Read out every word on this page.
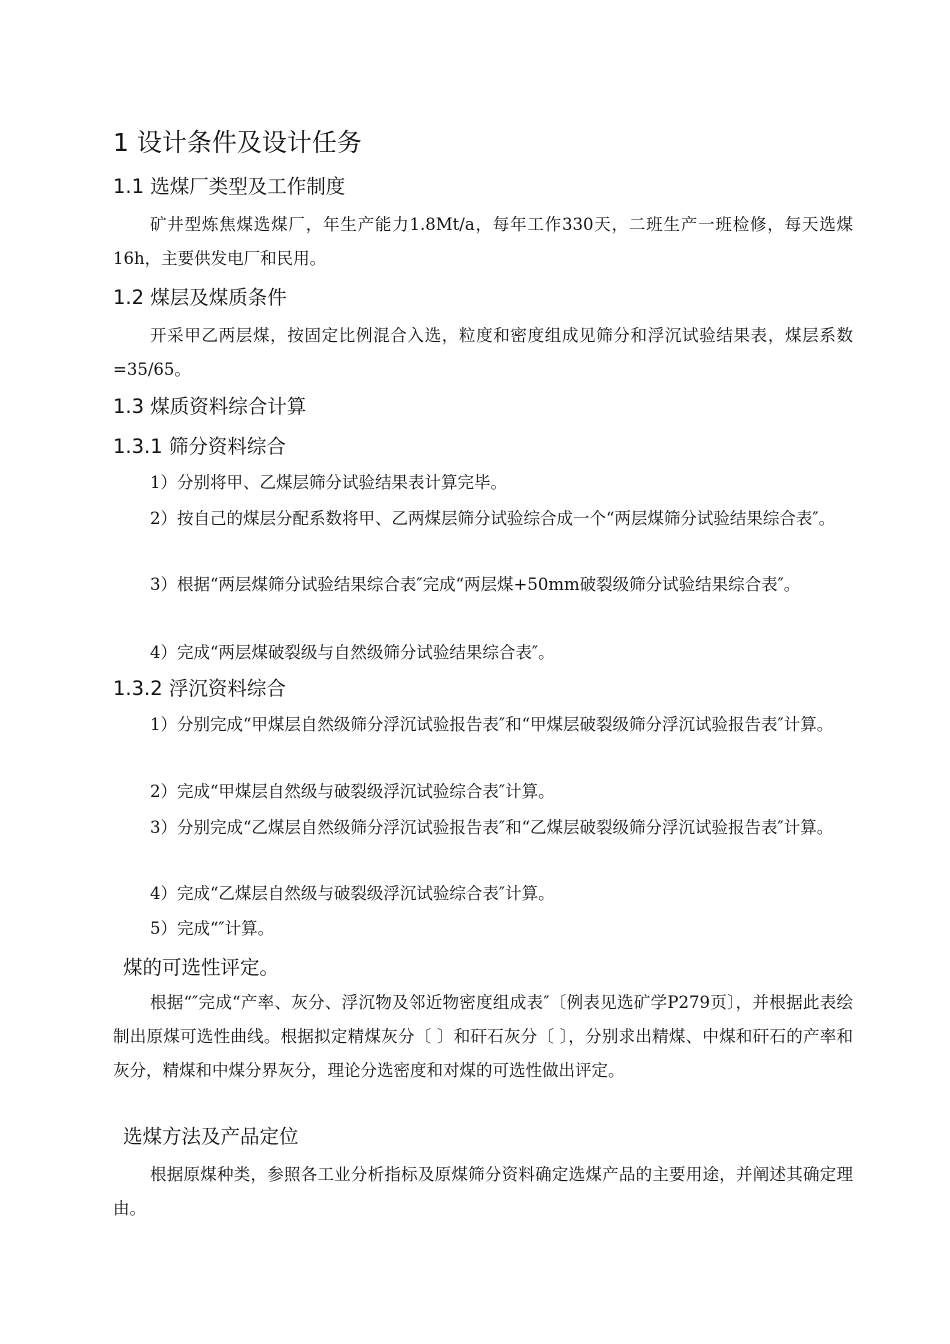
1 设计条件及设计任务
1.1 选煤厂类型及工作制度

矿井型炼焦煤选煤厂，年生产能力1.8Mt/a，每年工作330天，二班生产一班检修，每天选煤16h，主要供发电厂和民用。

1.2 煤层及煤质条件

开采甲乙两层煤，按固定比例混合入选，粒度和密度组成见筛分和浮沉试验结果表，煤层系数=35/65。

1.3 煤质资料综合计算
1.3.1 筛分资料综合

1）分别将甲、乙煤层筛分试验结果表计算完毕。

2）按自己的煤层分配系数将甲、乙两煤层筛分试验综合成一个“两层煤筛分试验结果综合表″。

3）根据“两层煤筛分试验结果综合表″完成“两层煤+50mm破裂级筛分试验结果综合表″。

4）完成“两层煤破裂级与自然级筛分试验结果综合表″。

1.3.2 浮沉资料综合

1）分别完成“甲煤层自然级筛分浮沉试验报告表″和“甲煤层破裂级筛分浮沉试验报告表″计算。

2）完成“甲煤层自然级与破裂级浮沉试验综合表″计算。

3）分别完成“乙煤层自然级筛分浮沉试验报告表″和“乙煤层破裂级筛分浮沉试验报告表″计算。

4）完成“乙煤层自然级与破裂级浮沉试验综合表″计算。

5）完成“″计算。

煤的可选性评定。

根据“″完成“产率、灰分、浮沉物及邻近物密度组成表″〔例表见选矿学P279页〕，并根据此表绘制出原煤可选性曲线。根据拟定精煤灰分〔 〕和矸石灰分〔 〕，分别求出精煤、中煤和矸石的产率和灰分，精煤和中煤分界灰分，理论分选密度和对煤的可选性做出评定。

选煤方法及产品定位

根据原煤种类，参照各工业分析指标及原煤筛分资料确定选煤产品的主要用途，并阐述其确定理由。
